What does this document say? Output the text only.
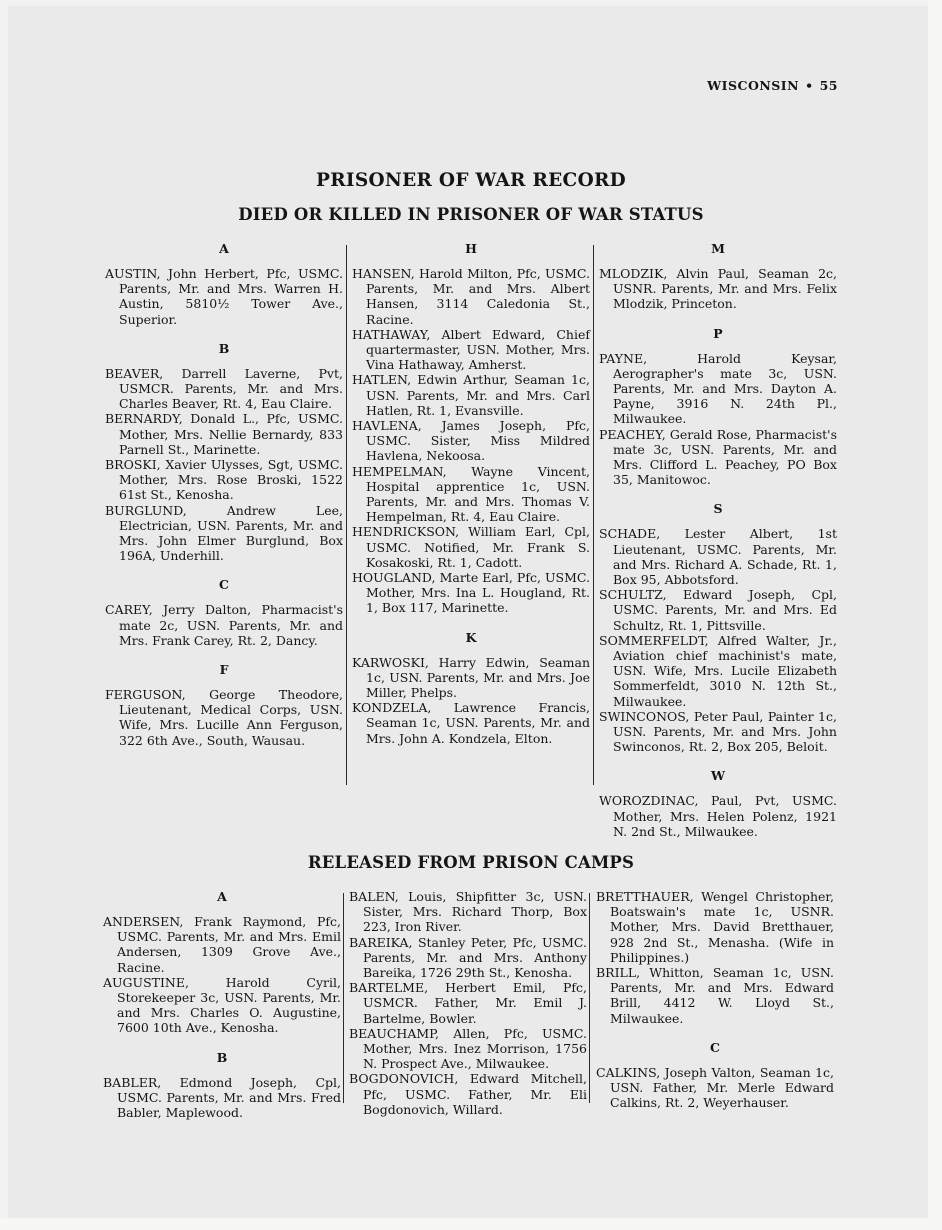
WISCONSIN • 55
PRISONER OF WAR RECORD
DIED OR KILLED IN PRISONER OF WAR STATUS
A
AUSTIN, John Herbert, Pfc, USMC. Parents, Mr. and Mrs. Warren H. Austin, 5810½ Tower Ave., Superior.
B
BEAVER, Darrell Laverne, Pvt, USMCR. Parents, Mr. and Mrs. Charles Beaver, Rt. 4, Eau Claire.
BERNARDY, Donald L., Pfc, USMC. Mother, Mrs. Nellie Bernardy, 833 Parnell St., Marinette.
BROSKI, Xavier Ulysses, Sgt, USMC. Mother, Mrs. Rose Broski, 1522 61st St., Kenosha.
BURGLUND, Andrew Lee, Electrician, USN. Parents, Mr. and Mrs. John Elmer Burglund, Box 196A, Underhill.
C
CAREY, Jerry Dalton, Pharmacist's mate 2c, USN. Parents, Mr. and Mrs. Frank Carey, Rt. 2, Dancy.
F
FERGUSON, George Theodore, Lieutenant, Medical Corps, USN. Wife, Mrs. Lucille Ann Ferguson, 322 6th Ave., South, Wausau.
H
HANSEN, Harold Milton, Pfc, USMC. Parents, Mr. and Mrs. Albert Hansen, 3114 Caledonia St., Racine.
HATHAWAY, Albert Edward, Chief quartermaster, USN. Mother, Mrs. Vina Hathaway, Amherst.
HATLEN, Edwin Arthur, Seaman 1c, USN. Parents, Mr. and Mrs. Carl Hatlen, Rt. 1, Evansville.
HAVLENA, James Joseph, Pfc, USMC. Sister, Miss Mildred Havlena, Nekoosa.
HEMPELMAN, Wayne Vincent, Hospital apprentice 1c, USN. Parents, Mr. and Mrs. Thomas V. Hempelman, Rt. 4, Eau Claire.
HENDRICKSON, William Earl, Cpl, USMC. Notified, Mr. Frank S. Kosakoski, Rt. 1, Cadott.
HOUGLAND, Marte Earl, Pfc, USMC. Mother, Mrs. Ina L. Hougland, Rt. 1, Box 117, Marinette.
K
KARWOSKI, Harry Edwin, Seaman 1c, USN. Parents, Mr. and Mrs. Joe Miller, Phelps.
KONDZELA, Lawrence Francis, Seaman 1c, USN. Parents, Mr. and Mrs. John A. Kondzela, Elton.
M
MLODZIK, Alvin Paul, Seaman 2c, USNR. Parents, Mr. and Mrs. Felix Mlodzik, Princeton.
P
PAYNE, Harold Keysar, Aerographer's mate 3c, USN. Parents, Mr. and Mrs. Dayton A. Payne, 3916 N. 24th Pl., Milwaukee.
PEACHEY, Gerald Rose, Pharmacist's mate 3c, USN. Parents, Mr. and Mrs. Clifford L. Peachey, PO Box 35, Manitowoc.
S
SCHADE, Lester Albert, 1st Lieutenant, USMC. Parents, Mr. and Mrs. Richard A. Schade, Rt. 1, Box 95, Abbotsford.
SCHULTZ, Edward Joseph, Cpl, USMC. Parents, Mr. and Mrs. Ed Schultz, Rt. 1, Pittsville.
SOMMERFELDT, Alfred Walter, Jr., Aviation chief machinist's mate, USN. Wife, Mrs. Lucile Elizabeth Sommerfeldt, 3010 N. 12th St., Milwaukee.
SWINCONOS, Peter Paul, Painter 1c, USN. Parents, Mr. and Mrs. John Swinconos, Rt. 2, Box 205, Beloit.
W
WOROZDINAC, Paul, Pvt, USMC. Mother, Mrs. Helen Polenz, 1921 N. 2nd St., Milwaukee.
RELEASED FROM PRISON CAMPS
A
ANDERSEN, Frank Raymond, Pfc, USMC. Parents, Mr. and Mrs. Emil Andersen, 1309 Grove Ave., Racine.
AUGUSTINE, Harold Cyril, Storekeeper 3c, USN. Parents, Mr. and Mrs. Charles O. Augustine, 7600 10th Ave., Kenosha.
B
BABLER, Edmond Joseph, Cpl, USMC. Parents, Mr. and Mrs. Fred Babler, Maplewood.
BALEN, Louis, Shipfitter 3c, USN. Sister, Mrs. Richard Thorp, Box 223, Iron River.
BAREIKA, Stanley Peter, Pfc, USMC. Parents, Mr. and Mrs. Anthony Bareika, 1726 29th St., Kenosha.
BARTELME, Herbert Emil, Pfc, USMCR. Father, Mr. Emil J. Bartelme, Bowler.
BEAUCHAMP, Allen, Pfc, USMC. Mother, Mrs. Inez Morrison, 1756 N. Prospect Ave., Milwaukee.
BOGDONOVICH, Edward Mitchell, Pfc, USMC. Father, Mr. Eli Bogdonovich, Willard.
BRETTHAUER, Wengel Christopher, Boatswain's mate 1c, USNR. Mother, Mrs. David Bretthauer, 928 2nd St., Menasha. (Wife in Philippines.)
BRILL, Whitton, Seaman 1c, USN. Parents, Mr. and Mrs. Edward Brill, 4412 W. Lloyd St., Milwaukee.
C
CALKINS, Joseph Valton, Seaman 1c, USN. Father, Mr. Merle Edward Calkins, Rt. 2, Weyerhauser.
